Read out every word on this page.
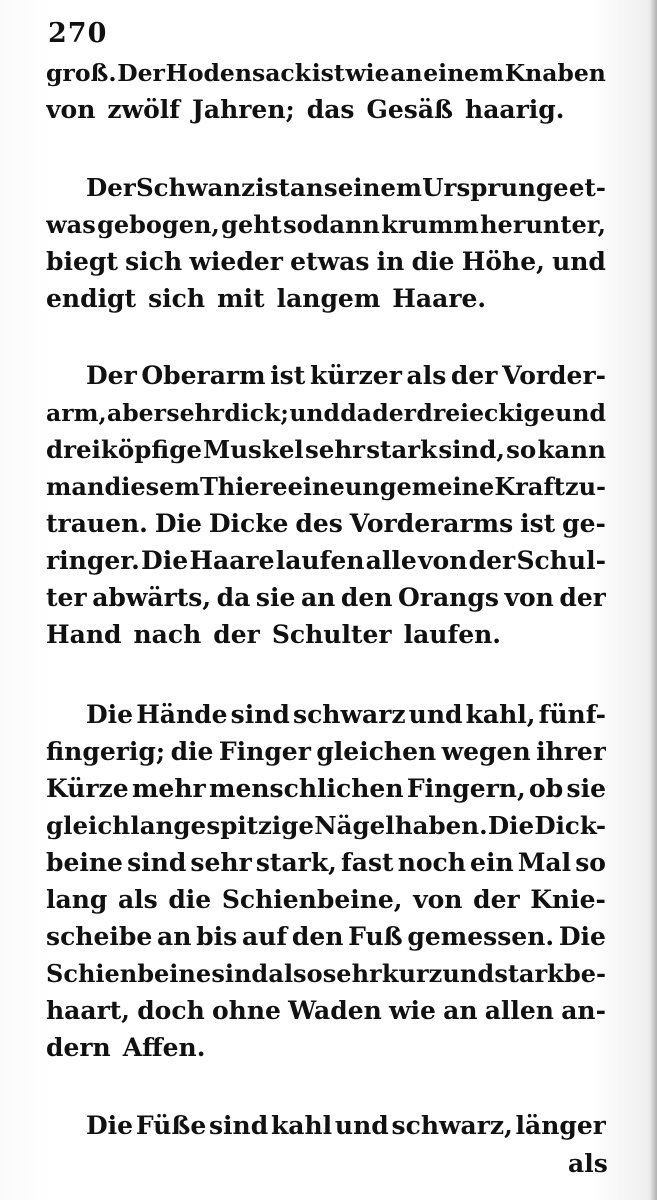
270
groß. Der Hodensack ist wie an einem Knaben
von zwölf Jahren; das Gesäß haarig.
Der Schwanz ist an seinem Ursprunge et-
was gebogen, geht sodann krumm herunter,
biegt sich wieder etwas in die Höhe, und
endigt sich mit langem Haare.
Der Oberarm ist kürzer als der Vorder-
arm, aber sehr dick; und da der dreieckige und
dreiköpfige Muskel sehr stark sind, so kann
man diesem Thiere eine ungemeine Kraft zu-
trauen. Die Dicke des Vorderarms ist ge-
ringer. Die Haare laufen alle von der Schul-
ter abwärts, da sie an den Orangs von der
Hand nach der Schulter laufen.
Die Hände sind schwarz und kahl, fünf-
fingerig; die Finger gleichen wegen ihrer
Kürze mehr menschlichen Fingern, ob sie
gleich lange spitzige Nägel haben. Die Dick-
beine sind sehr stark, fast noch ein Mal so
lang als die Schienbeine, von der Knie-
scheibe an bis auf den Fuß gemessen. Die
Schienbeine sind also sehr kurz und stark be-
haart, doch ohne Waden wie an allen an-
dern Affen.
Die Füße sind kahl und schwarz, länger
als
